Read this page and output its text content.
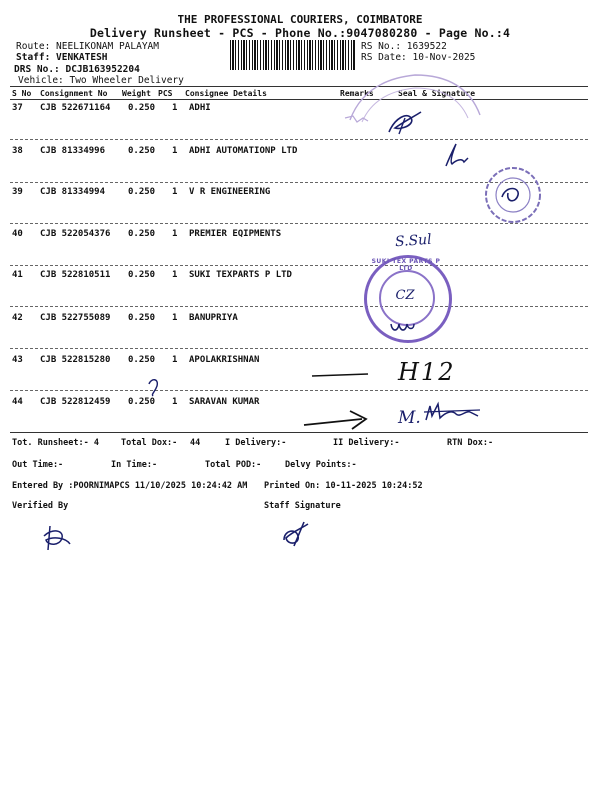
THE PROFESSIONAL COURIERS, COIMBATORE
Delivery Runsheet - PCS - Phone No.:9047080280 - Page No.:4
Route: NEELIKONAM PALAYAM
Staff: VENKATESH
DRS No.: DCJB163952204
Vehicle: Two Wheeler Delivery
RS No.: 1639522
RS Date: 10-Nov-2025
S No Consignment No Weight PCS Consignee Details	Remarks	Seal & Signature
37 CJB 522671164 0.250 1 ADHI
38 CJB 81334996	0.250 1 ADHI AUTOMATIONP LTD
39 CJB 81334994	0.250 1 V R ENGINEERING
40 CJB 522054376 0.250 1 PREMIER EQIPMENTS
41 CJB 522810511 0.250 1 SUKI TEXPARTS P LTD
42 CJB 522755089 0.250 1 BANUPRIYA
43 CJB 522815280 0.250 1 APOLAKRISHNAN
44 CJB 522812459 0.250 1 SARAVAN KUMAR
Tot. Runsheet:- 4	Total Dox:- 44	I Delivery:-	II Delivery:-	RTN Dox:-
Out Time:-	In Time:-	Total POD:-	Delvy Points:-
Entered By :POORNIMAPCS 11/10/2025 10:24:42 AM Printed On: 10-11-2025 10:24:52
Verified By	Staff Signature
S.Sul
SUKI TEX PARTS P LTD
CZ
H12
M.
